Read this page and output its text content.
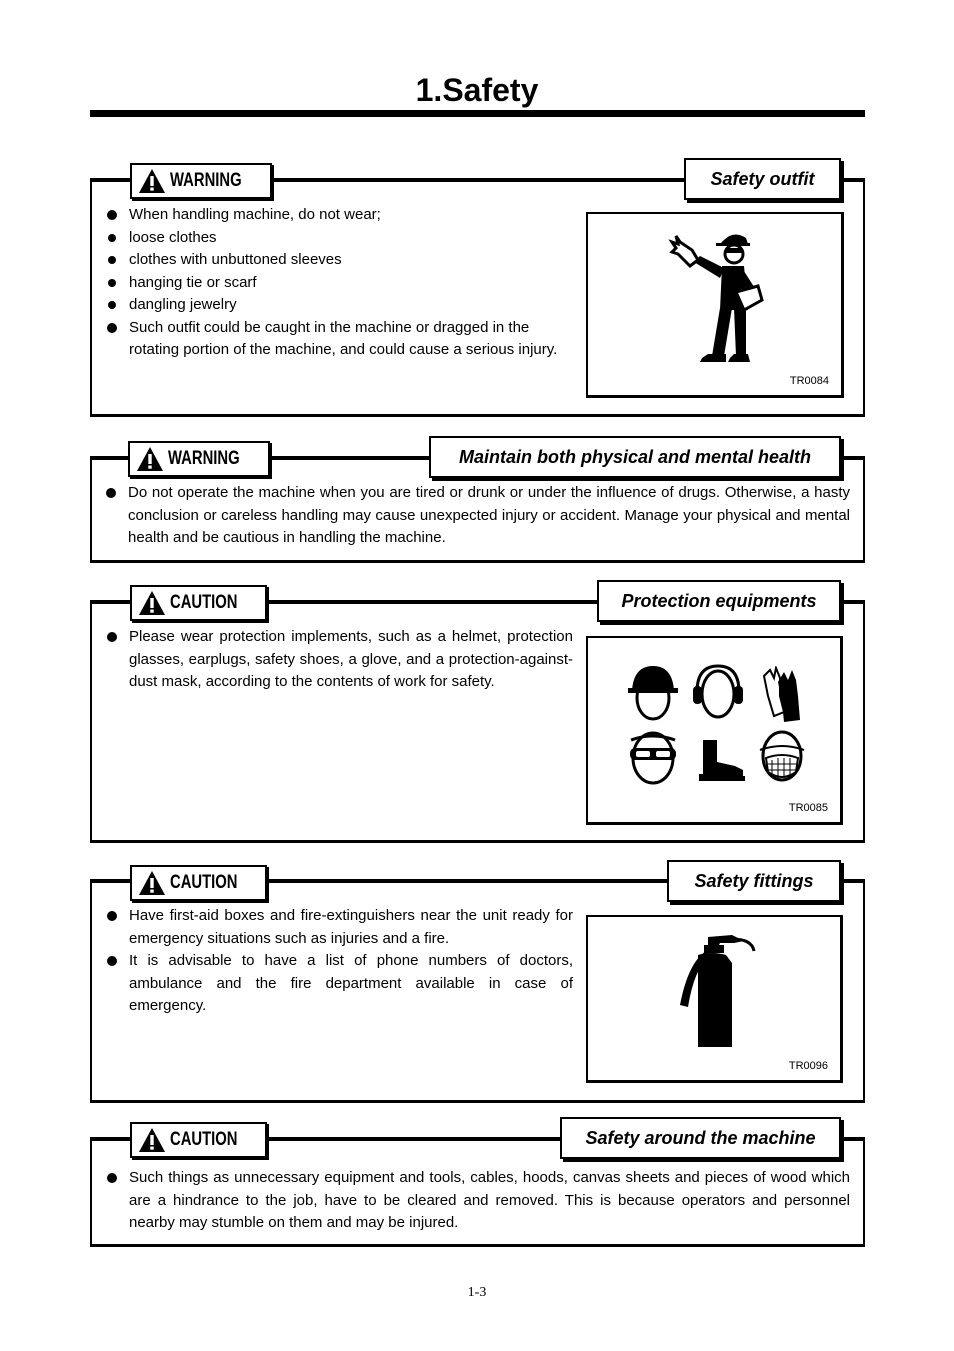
1.Safety
WARNING	Safety outfit
When handling machine, do not wear;
loose clothes
clothes with unbuttoned sleeves
hanging tie or scarf
dangling jewelry
Such outfit could be caught in the machine or dragged in the rotating portion of the machine, and could cause a serious injury.
TR0084
WARNING	Maintain both physical and mental health
Do not operate the machine when you are tired or drunk or under the influence of drugs. Otherwise, a hasty conclusion or careless handling may cause unexpected injury or accident. Manage your physical and mental health and be cautious in handling the machine.
CAUTION	Protection equipments
Please wear protection implements, such as a helmet, protection glasses, earplugs, safety shoes, a glove, and a protection-against-dust mask, according to the contents of work for safety.
TR0085
CAUTION	Safety fittings
Have first-aid boxes and fire-extinguishers near the unit ready for emergency situations such as injuries and a fire.
It is advisable to have a list of phone numbers of doctors, ambulance and the fire department available in case of emergency.
TR0096
CAUTION	Safety around the machine
Such things as unnecessary equipment and tools, cables, hoods, canvas sheets and pieces of wood which are a hindrance to the job, have to be cleared and removed. This is because operators and personnel nearby may stumble on them and may be injured.
1-3
